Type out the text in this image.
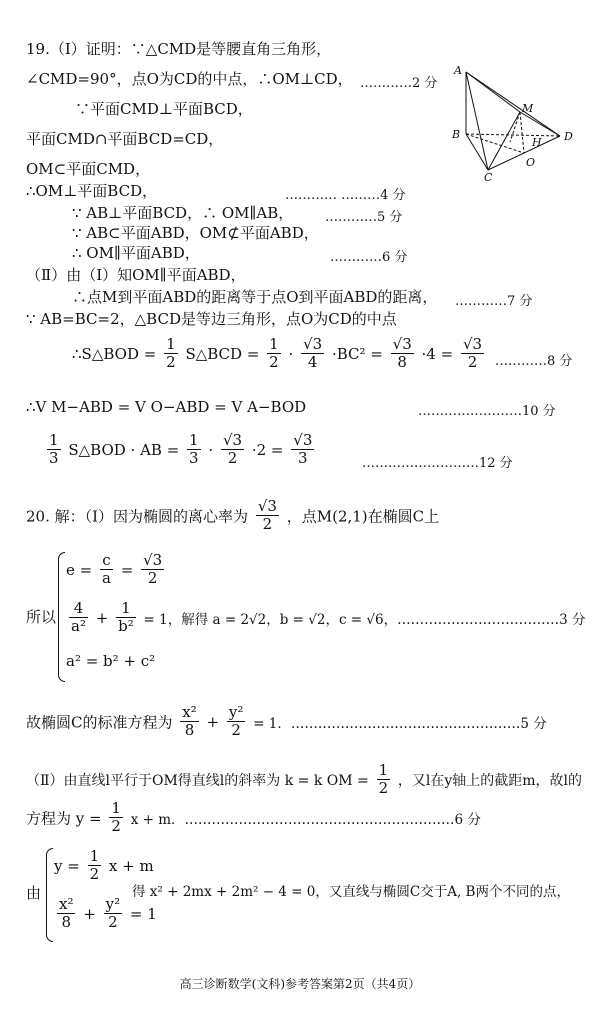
19.（Ⅰ）证明：∵△CMD是等腰直角三角形，
∠CMD=90°，点O为CD的中点，∴OM⊥CD， …………2 分
∵平面CMD⊥平面BCD，
平面CMD∩平面BCD=CD，
OM⊂平面CMD，
∴OM⊥平面BCD，	………… ………4 分
∵ AB⊥平面BCD，∴ OM∥AB， …………5 分
∵ AB⊂平面ABD，OM⊄平面ABD，
∴ OM∥平面ABD，	…………6 分
（Ⅱ）由（Ⅰ）知OM∥平面ABD，
∴点M到平面ABD的距离等于点O到平面ABD的距离， …………7 分
∵ AB=BC=2，△BCD是等边三角形，点O为CD的中点
∴S△BOD = $\frac{1}{2}$ S△BCD = $\frac{1}{2} \cdot \frac{√3}{4} \cdot BC^2 = \frac{√3}{8} \cdot 4 = \frac{√3}{2}$ …………8 分
∴V M−ABD = V O−ABD = V A−BOD	……………………10 分
$\frac{1}{3}$ S△BOD · AB = $\frac{1}{3} \cdot \frac{√3}{2} \cdot 2 = \frac{√3}{3}$	………………………12 分
A
M
B
H D
C
O
20. 解：（Ⅰ）因为椭圆的离心率为 $\frac{√3}{2}$ ，点M(2,1)在椭圆C上
所以
$e = \frac{c}{a} = \frac{√3}{2}$
$\frac{4}{\text{a²}} + \frac{1}{\text{b²}} = 1$，解得 a = 2√2，b = √2，c = √6，………………………………3 分
a² = b² + c²
故椭圆C的标准方程为 $\frac{\text{x²}}{8} + \frac{\text{y²}}{2} = 1$．……………………………………………5 分
（Ⅱ）由直线l平行于OM得直线l的斜率为 k = k OM = $\frac{1}{2}$ ，又l在y轴上的截距m，故l的
方程为 $y = \frac{1}{2}$ x + m．……………………………………………………6 分
由
$y = \frac{1}{2}$ x + m
$\frac{\text{x²}}{8} + \frac{\text{y²}}{2} = 1$
得 x² + 2mx + 2m² − 4 = 0，又直线与椭圆C交于A, B两个不同的点，
高三诊断数学(文科)参考答案第2页（共4页）
